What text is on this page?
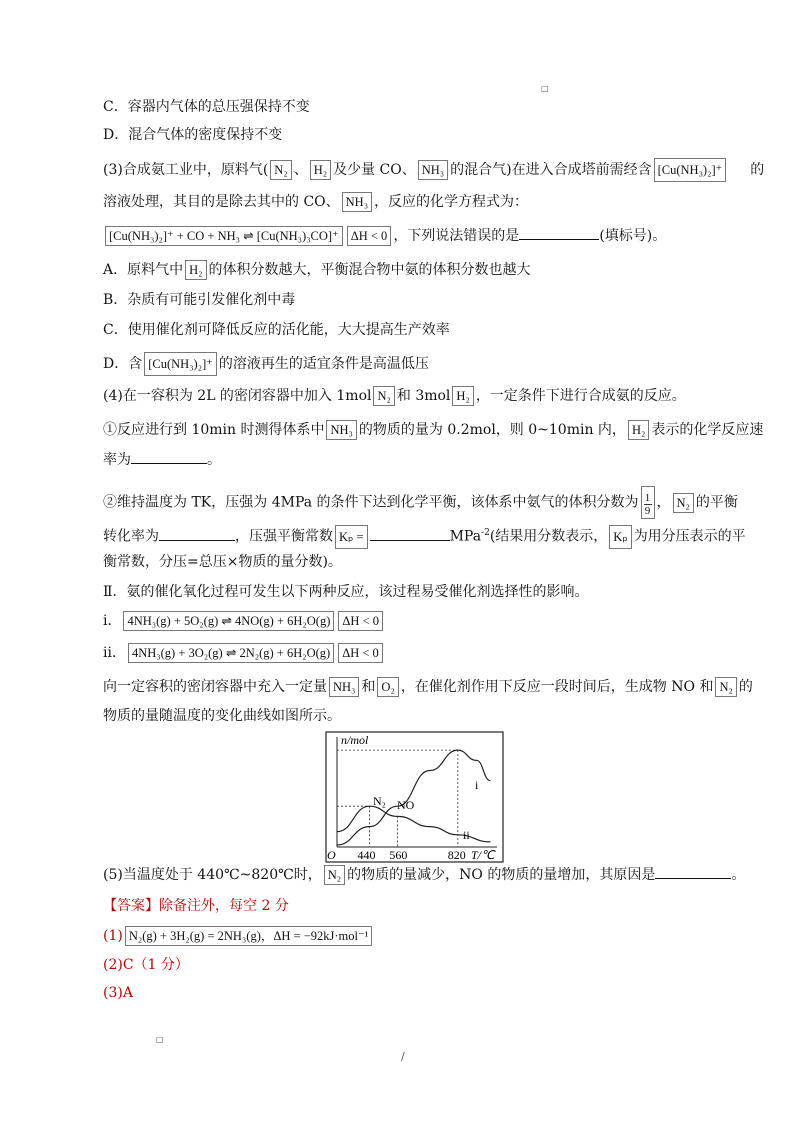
□
C．容器内气体的总压强保持不变
D．混合气体的密度保持不变
(3)合成氨工业中，原料气( N₂ 、 H₂ 及少量 CO、 NH₃ 的混合气)在进入合成塔前需经含 [Cu(NH₃)₂]⁺ 的
溶液处理，其目的是除去其中的 CO、 NH₃ ，反应的化学方程式为：
[Cu(NH₃)₂]⁺ + CO + NH₃ ⇌ [Cu(NH₃)₃CO]⁺ ΔH < 0 ，下列说法错误的是	(填标号)。
A．原料气中 H₂ 的体积分数越大，平衡混合物中氨的体积分数也越大
B．杂质有可能引发催化剂中毒
C．使用催化剂可降低反应的活化能，大大提高生产效率
D．含 [Cu(NH₃)₂]⁺ 的溶液再生的适宜条件是高温低压
(4)在一容积为 2L 的密闭容器中加入 1mol N₂ 和 3mol H₂ ，一定条件下进行合成氨的反应。
①反应进行到 10min 时测得体系中 NH₃ 的物质的量为 0.2mol，则 0~10min 内， H₂ 表示的化学反应速
率为	。
②维持温度为 TK，压强为 4MPa 的条件下达到化学平衡，该体系中氨气的体积分数为 $\frac{1}{9}$ ， N₂ 的平衡
转化率为	，压强平衡常数 Kₚ =	MPa$^{-2}$(结果用分数表示， Kₚ 为用分压表示的平
衡常数，分压=总压×物质的量分数)。
Ⅱ．氨的催化氧化过程可发生以下两种反应，该过程易受催化剂选择性的影响。
ⅰ． 4NH₃(g) + 5O₂(g) ⇌ 4NO(g) + 6H₂O(g) ΔH < 0
ⅱ． 4NH₃(g) + 3O₂(g) ⇌ 2N₂(g) + 6H₂O(g) ΔH < 0
向一定容积的密闭容器中充入一定量 NH₃ 和 O₂ ，在催化剂作用下反应一段时间后，生成物 NO 和 N₂ 的
物质的量随温度的变化曲线如图所示。
n/mol
O	T/℃
440 560	820
NO
N₂
i
ii
(5)当温度处于 440℃~820℃时， N₂ 的物质的量减少，NO 的物质的量增加，其原因是	。
【答案】除备注外，每空 2 分
(1) N₂(g) + 3H₂(g) = 2NH₃(g)，ΔH = −92kJ·mol⁻¹
(2)C（1 分）
(3)A
□
/
